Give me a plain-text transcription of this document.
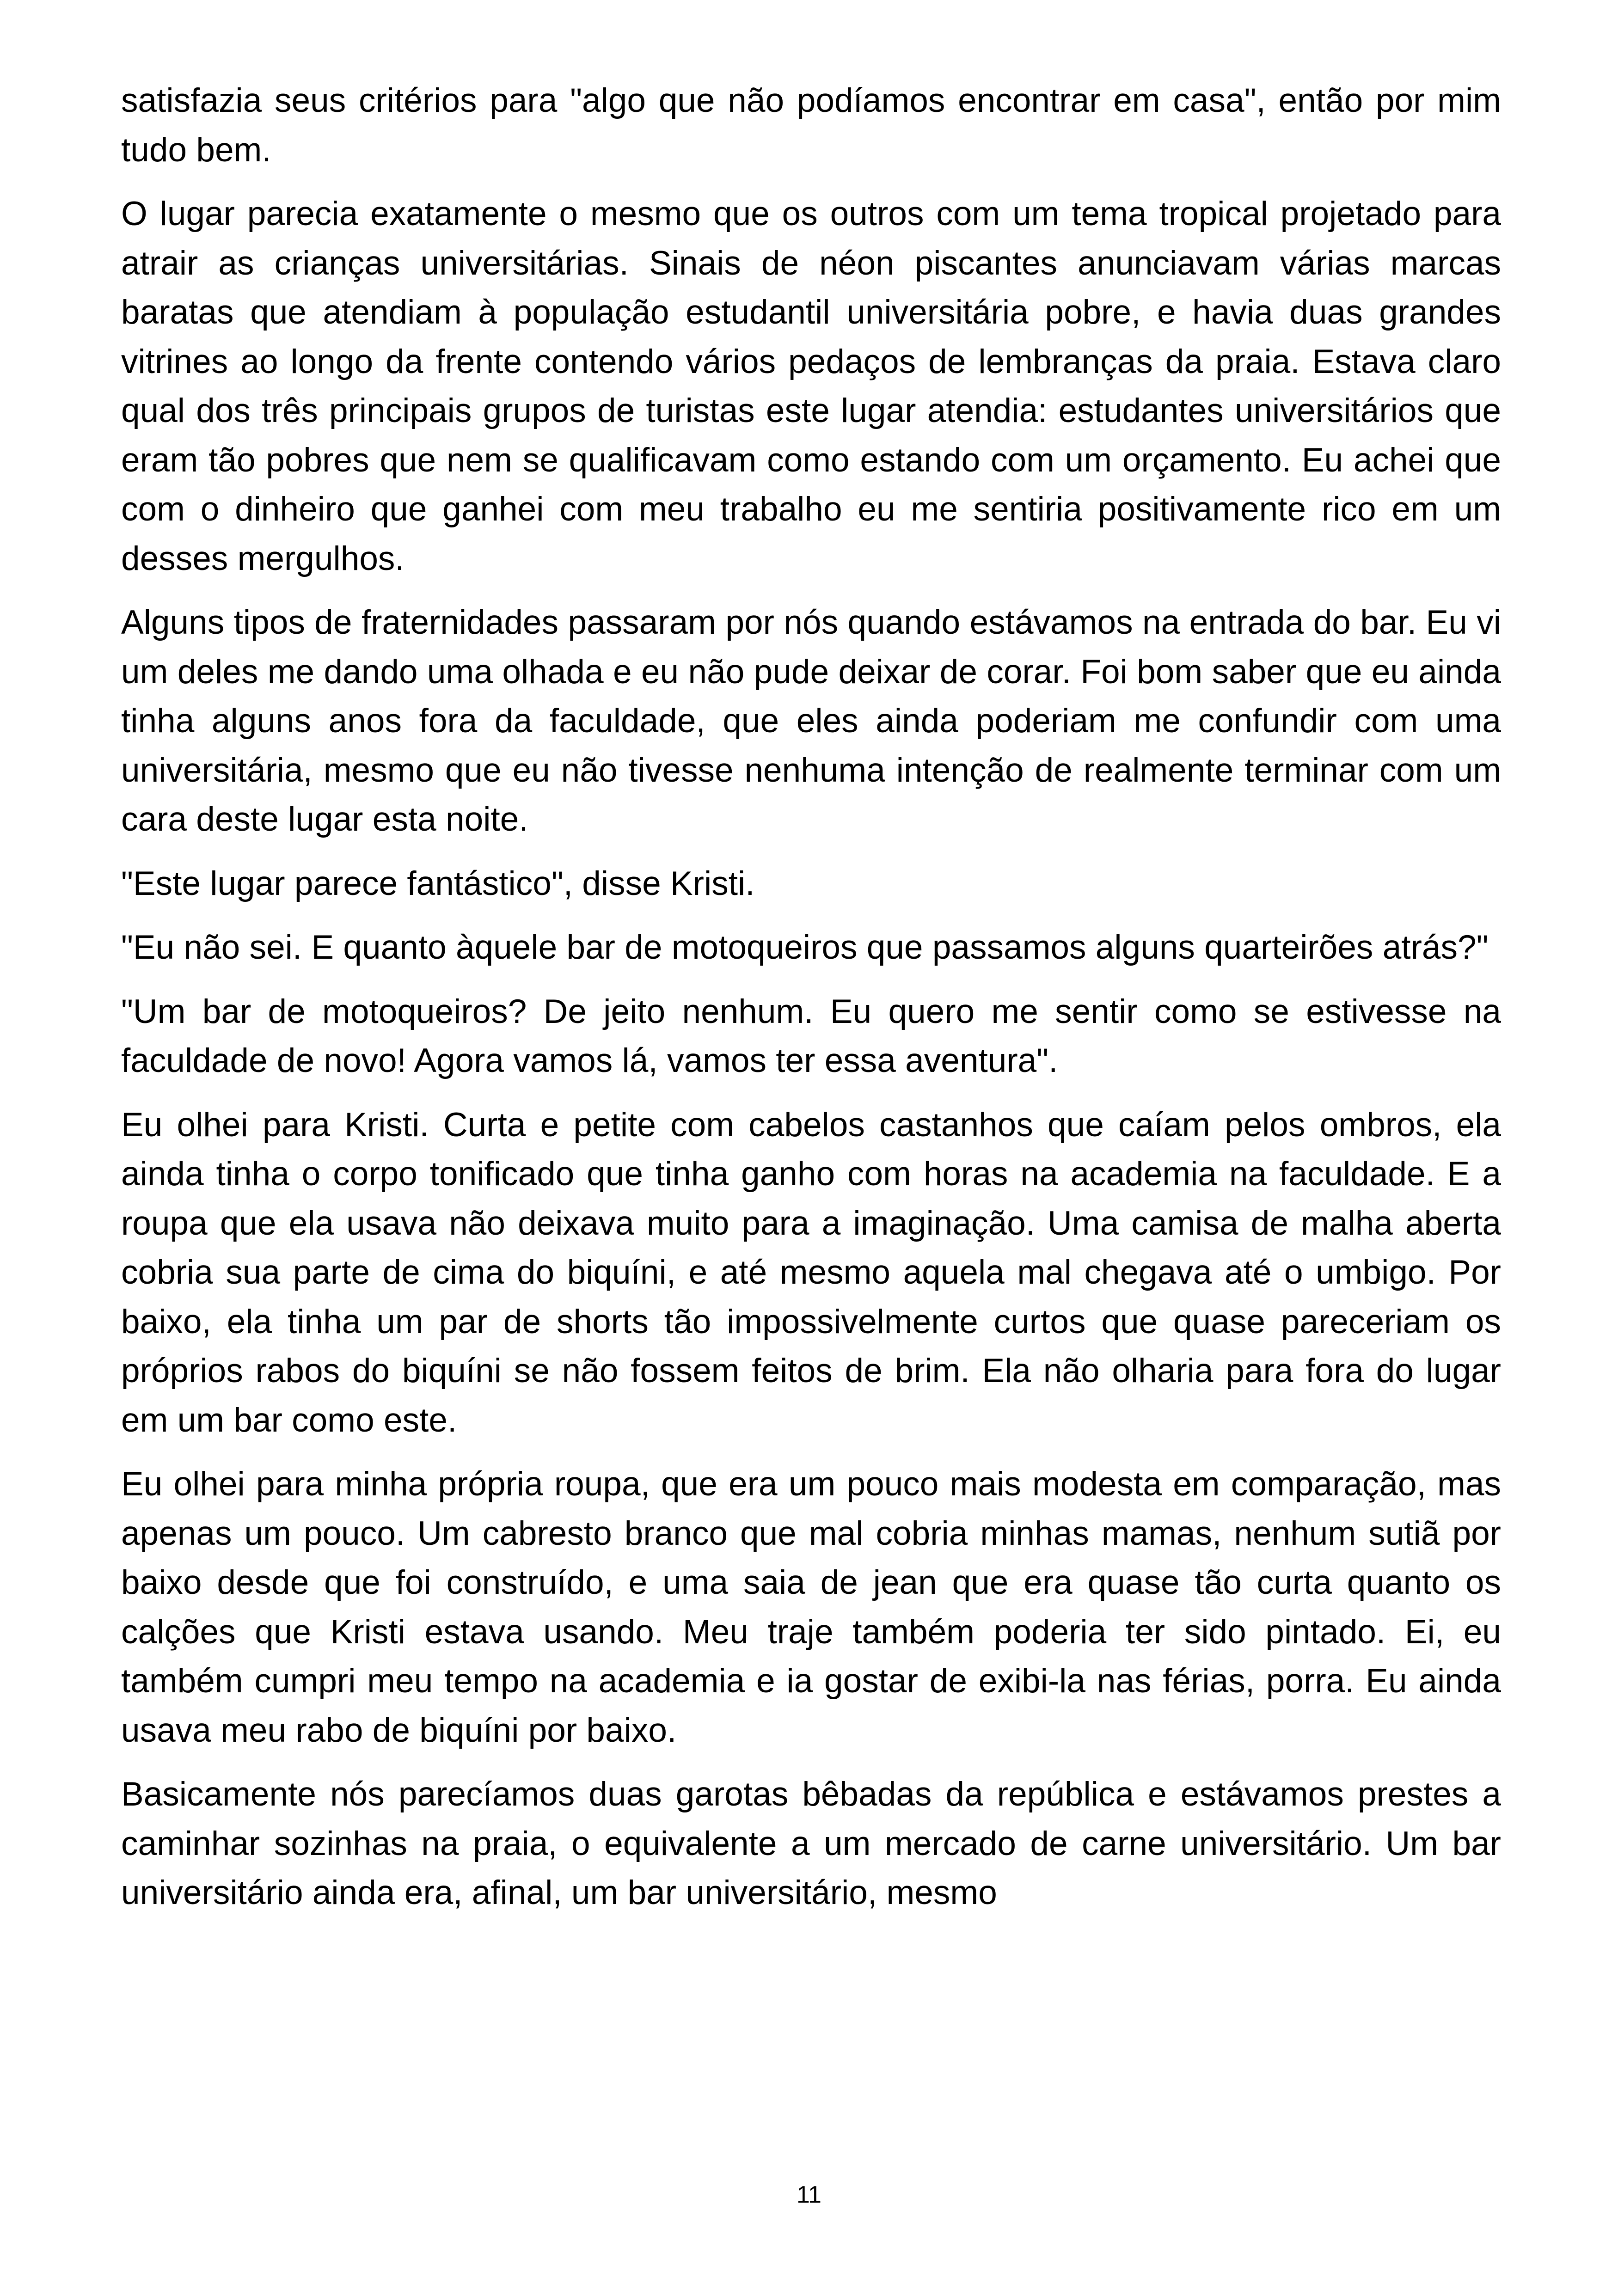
satisfazia seus critérios para "algo que não podíamos encontrar em casa", então por mim tudo bem.

O lugar parecia exatamente o mesmo que os outros com um tema tropical projetado para atrair as crianças universitárias. Sinais de néon piscantes anunciavam várias marcas baratas que atendiam à população estudantil universitária pobre, e havia duas grandes vitrines ao longo da frente contendo vários pedaços de lembranças da praia. Estava claro qual dos três principais grupos de turistas este lugar atendia: estudantes universitários que eram tão pobres que nem se qualificavam como estando com um orçamento. Eu achei que com o dinheiro que ganhei com meu trabalho eu me sentiria positivamente rico em um desses mergulhos.

Alguns tipos de fraternidades passaram por nós quando estávamos na entrada do bar. Eu vi um deles me dando uma olhada e eu não pude deixar de corar. Foi bom saber que eu ainda tinha alguns anos fora da faculdade, que eles ainda poderiam me confundir com uma universitária, mesmo que eu não tivesse nenhuma intenção de realmente terminar com um cara deste lugar esta noite.

"Este lugar parece fantástico", disse Kristi.

"Eu não sei. E quanto àquele bar de motoqueiros que passamos alguns quarteirões atrás?"

"Um bar de motoqueiros? De jeito nenhum. Eu quero me sentir como se estivesse na faculdade de novo! Agora vamos lá, vamos ter essa aventura".

Eu olhei para Kristi. Curta e petite com cabelos castanhos que caíam pelos ombros, ela ainda tinha o corpo tonificado que tinha ganho com horas na academia na faculdade. E a roupa que ela usava não deixava muito para a imaginação. Uma camisa de malha aberta cobria sua parte de cima do biquíni, e até mesmo aquela mal chegava até o umbigo. Por baixo, ela tinha um par de shorts tão impossivelmente curtos que quase pareceriam os próprios rabos do biquíni se não fossem feitos de brim. Ela não olharia para fora do lugar em um bar como este.

Eu olhei para minha própria roupa, que era um pouco mais modesta em comparação, mas apenas um pouco. Um cabresto branco que mal cobria minhas mamas, nenhum sutiã por baixo desde que foi construído, e uma saia de jean que era quase tão curta quanto os calções que Kristi estava usando. Meu traje também poderia ter sido pintado. Ei, eu também cumpri meu tempo na academia e ia gostar de exibi-la nas férias, porra. Eu ainda usava meu rabo de biquíni por baixo.

Basicamente nós parecíamos duas garotas bêbadas da república e estávamos prestes a caminhar sozinhas na praia, o equivalente a um mercado de carne universitário. Um bar universitário ainda era, afinal, um bar universitário, mesmo

11
